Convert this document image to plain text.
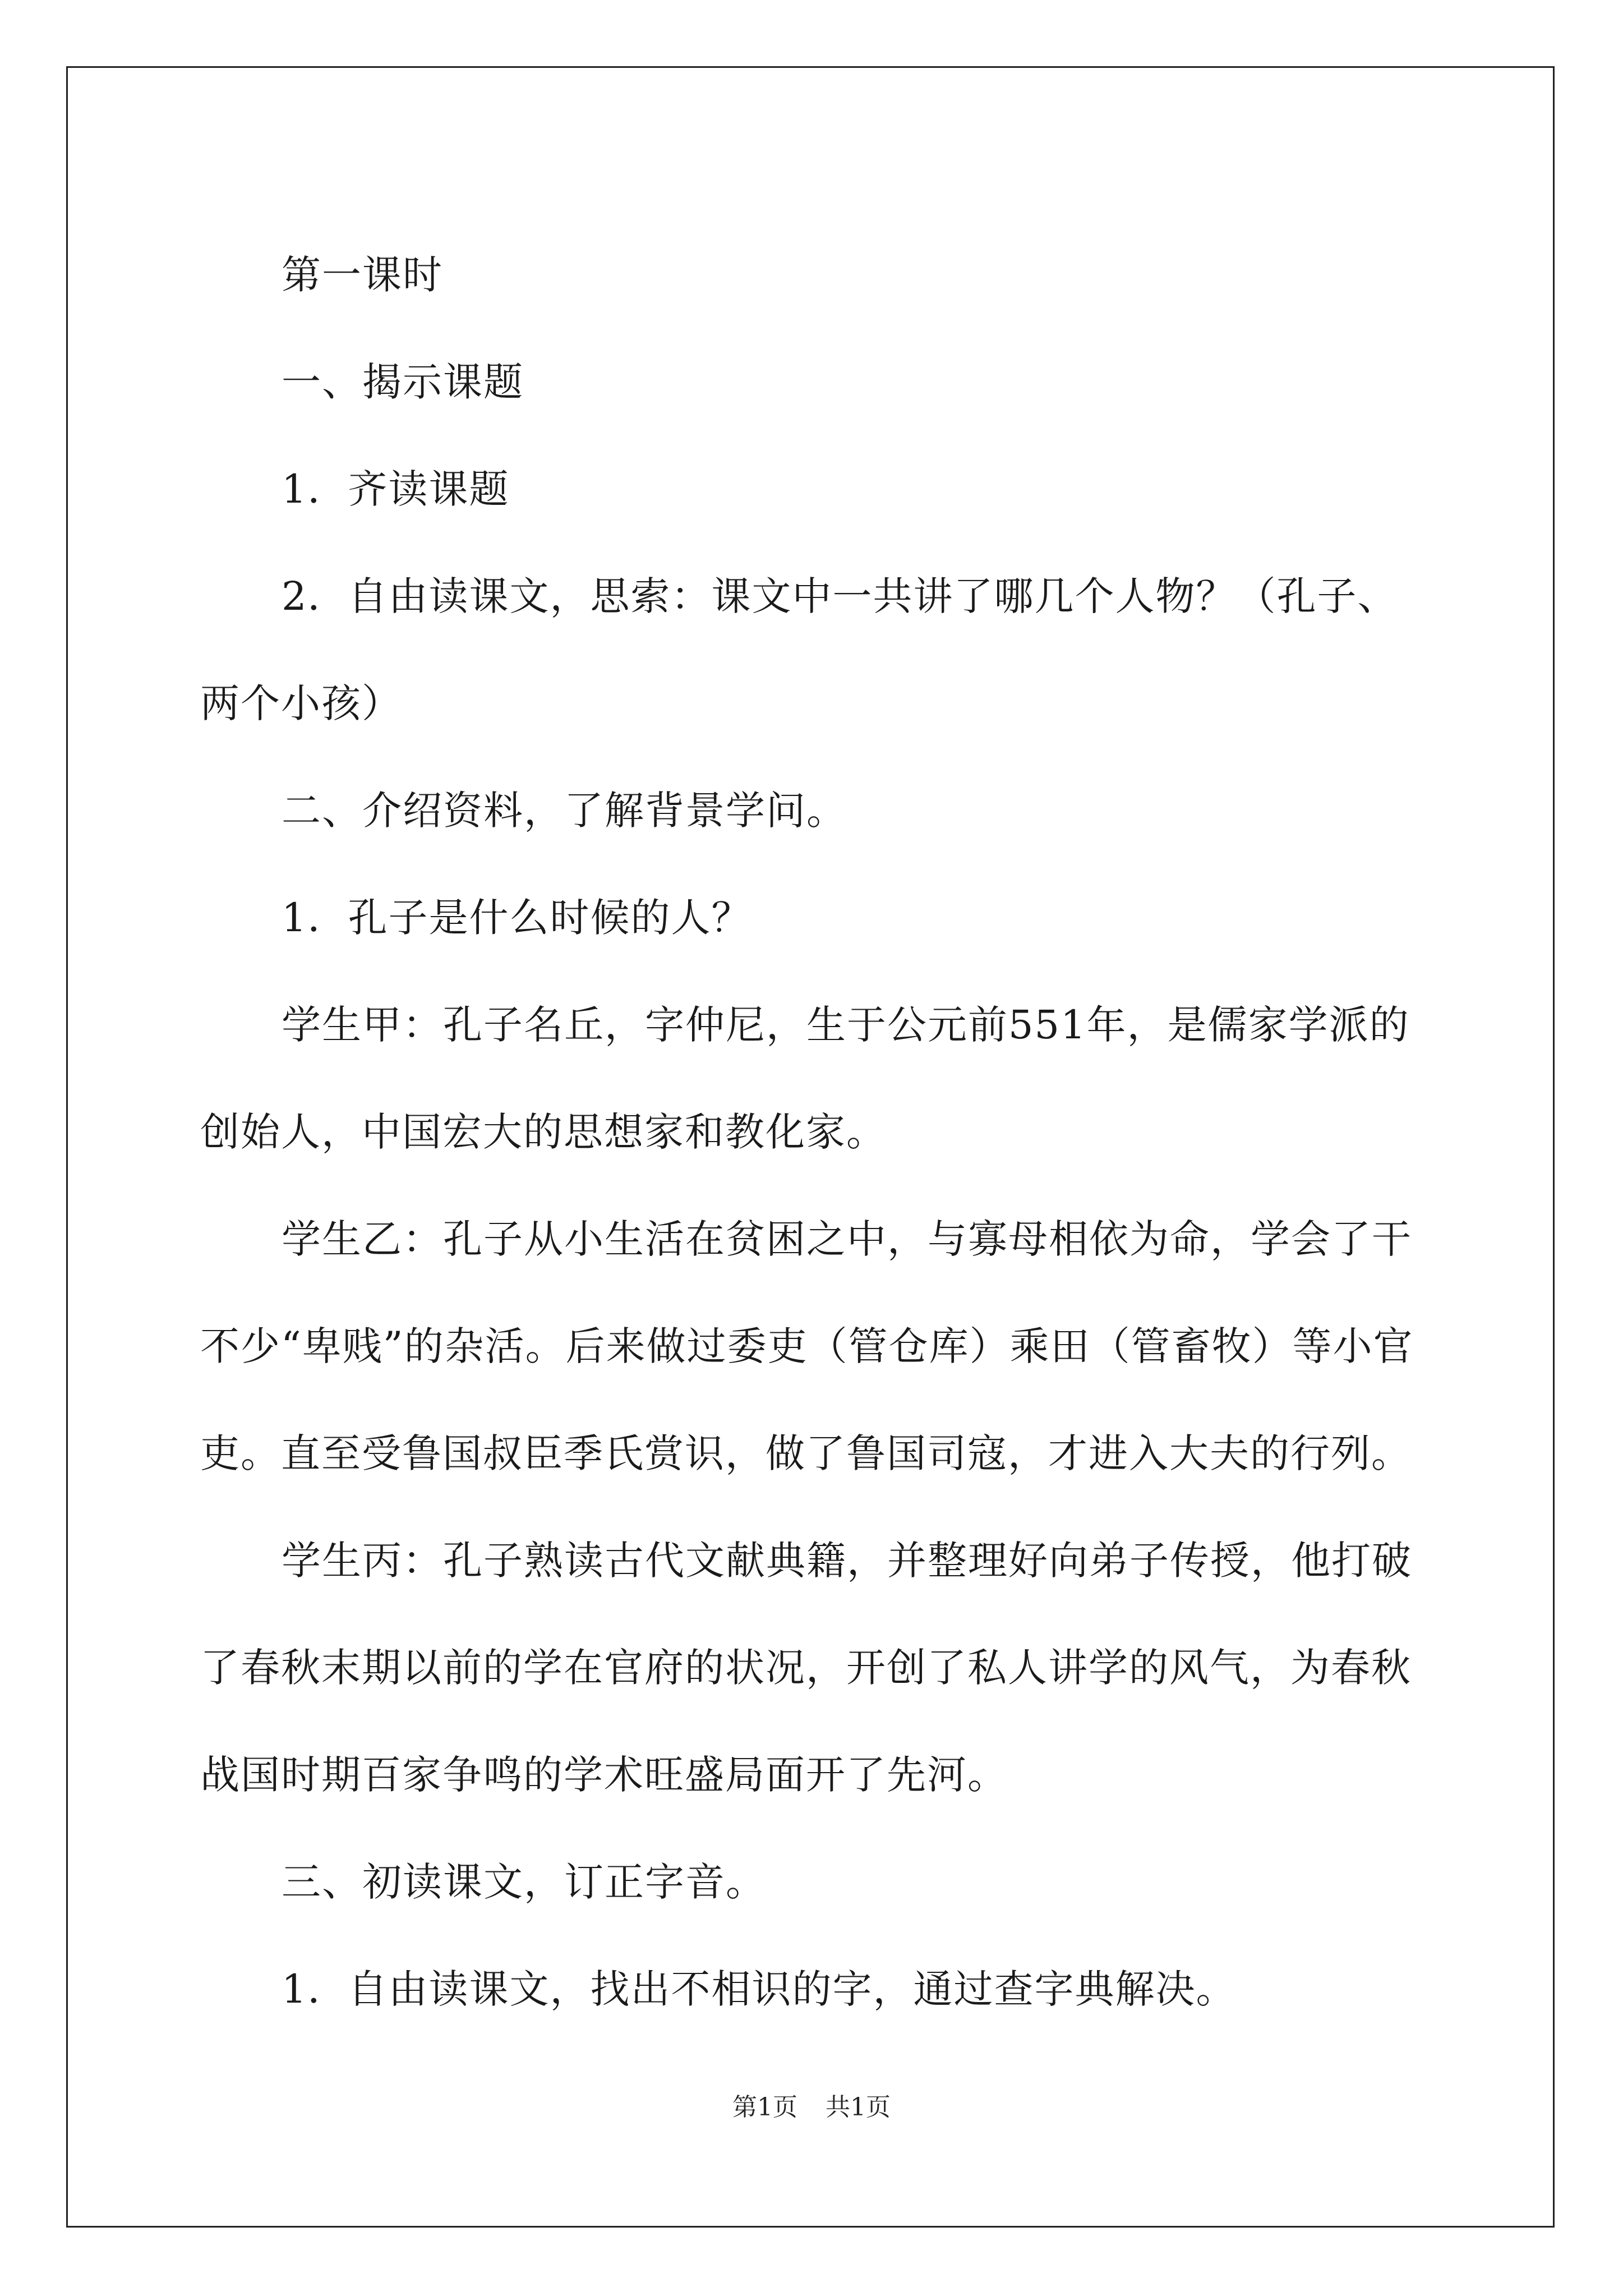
第一课时

一、揭示课题

1．齐读课题

2．自由读课文，思索：课文中一共讲了哪几个人物？（孔子、两个小孩）

二、介绍资料，了解背景学问。

1．孔子是什么时候的人？

学生甲：孔子名丘，字仲尼，生于公元前551年，是儒家学派的创始人，中国宏大的思想家和教化家。

学生乙：孔子从小生活在贫困之中，与寡母相依为命，学会了干不少“卑贱”的杂活。后来做过委吏（管仓库）乘田（管畜牧）等小官吏。直至受鲁国叔臣季氏赏识，做了鲁国司寇，才进入大夫的行列。

学生丙：孔子熟读古代文献典籍，并整理好向弟子传授，他打破了春秋末期以前的学在官府的状况，开创了私人讲学的风气，为春秋战国时期百家争鸣的学术旺盛局面开了先河。

三、初读课文，订正字音。

1．自由读课文，找出不相识的字，通过查字典解决。

第1页 共1页
